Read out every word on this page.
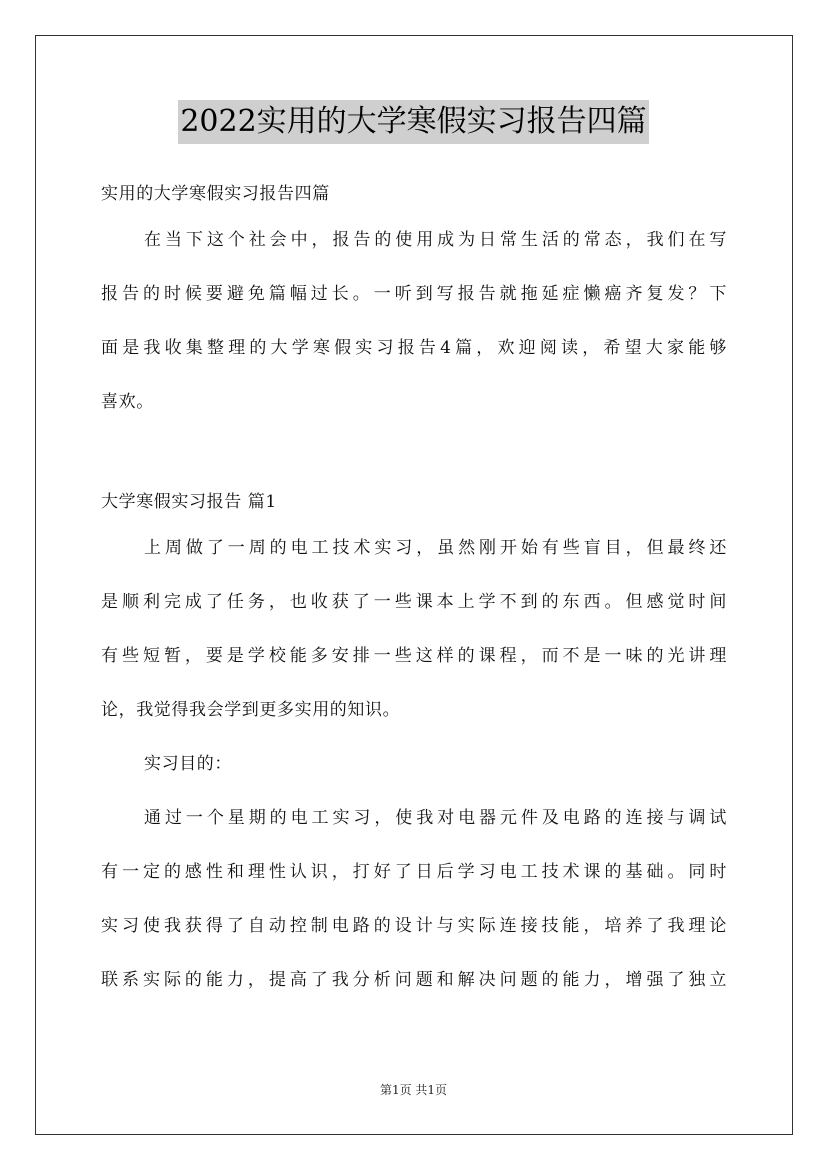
2022实用的大学寒假实习报告四篇
实用的大学寒假实习报告四篇
在当下这个社会中，报告的使用成为日常生活的常态，我们在写
报告的时候要避免篇幅过长。一听到写报告就拖延症懒癌齐复发？下
面是我收集整理的大学寒假实习报告4篇，欢迎阅读，希望大家能够
喜欢。
大学寒假实习报告 篇1
上周做了一周的电工技术实习，虽然刚开始有些盲目，但最终还
是顺利完成了任务，也收获了一些课本上学不到的东西。但感觉时间
有些短暂，要是学校能多安排一些这样的课程，而不是一味的光讲理
论，我觉得我会学到更多实用的知识。
实习目的：
通过一个星期的电工实习，使我对电器元件及电路的连接与调试
有一定的感性和理性认识，打好了日后学习电工技术课的基础。同时
实习使我获得了自动控制电路的设计与实际连接技能，培养了我理论
联系实际的能力，提高了我分析问题和解决问题的能力，增强了独立
第1页 共1页
